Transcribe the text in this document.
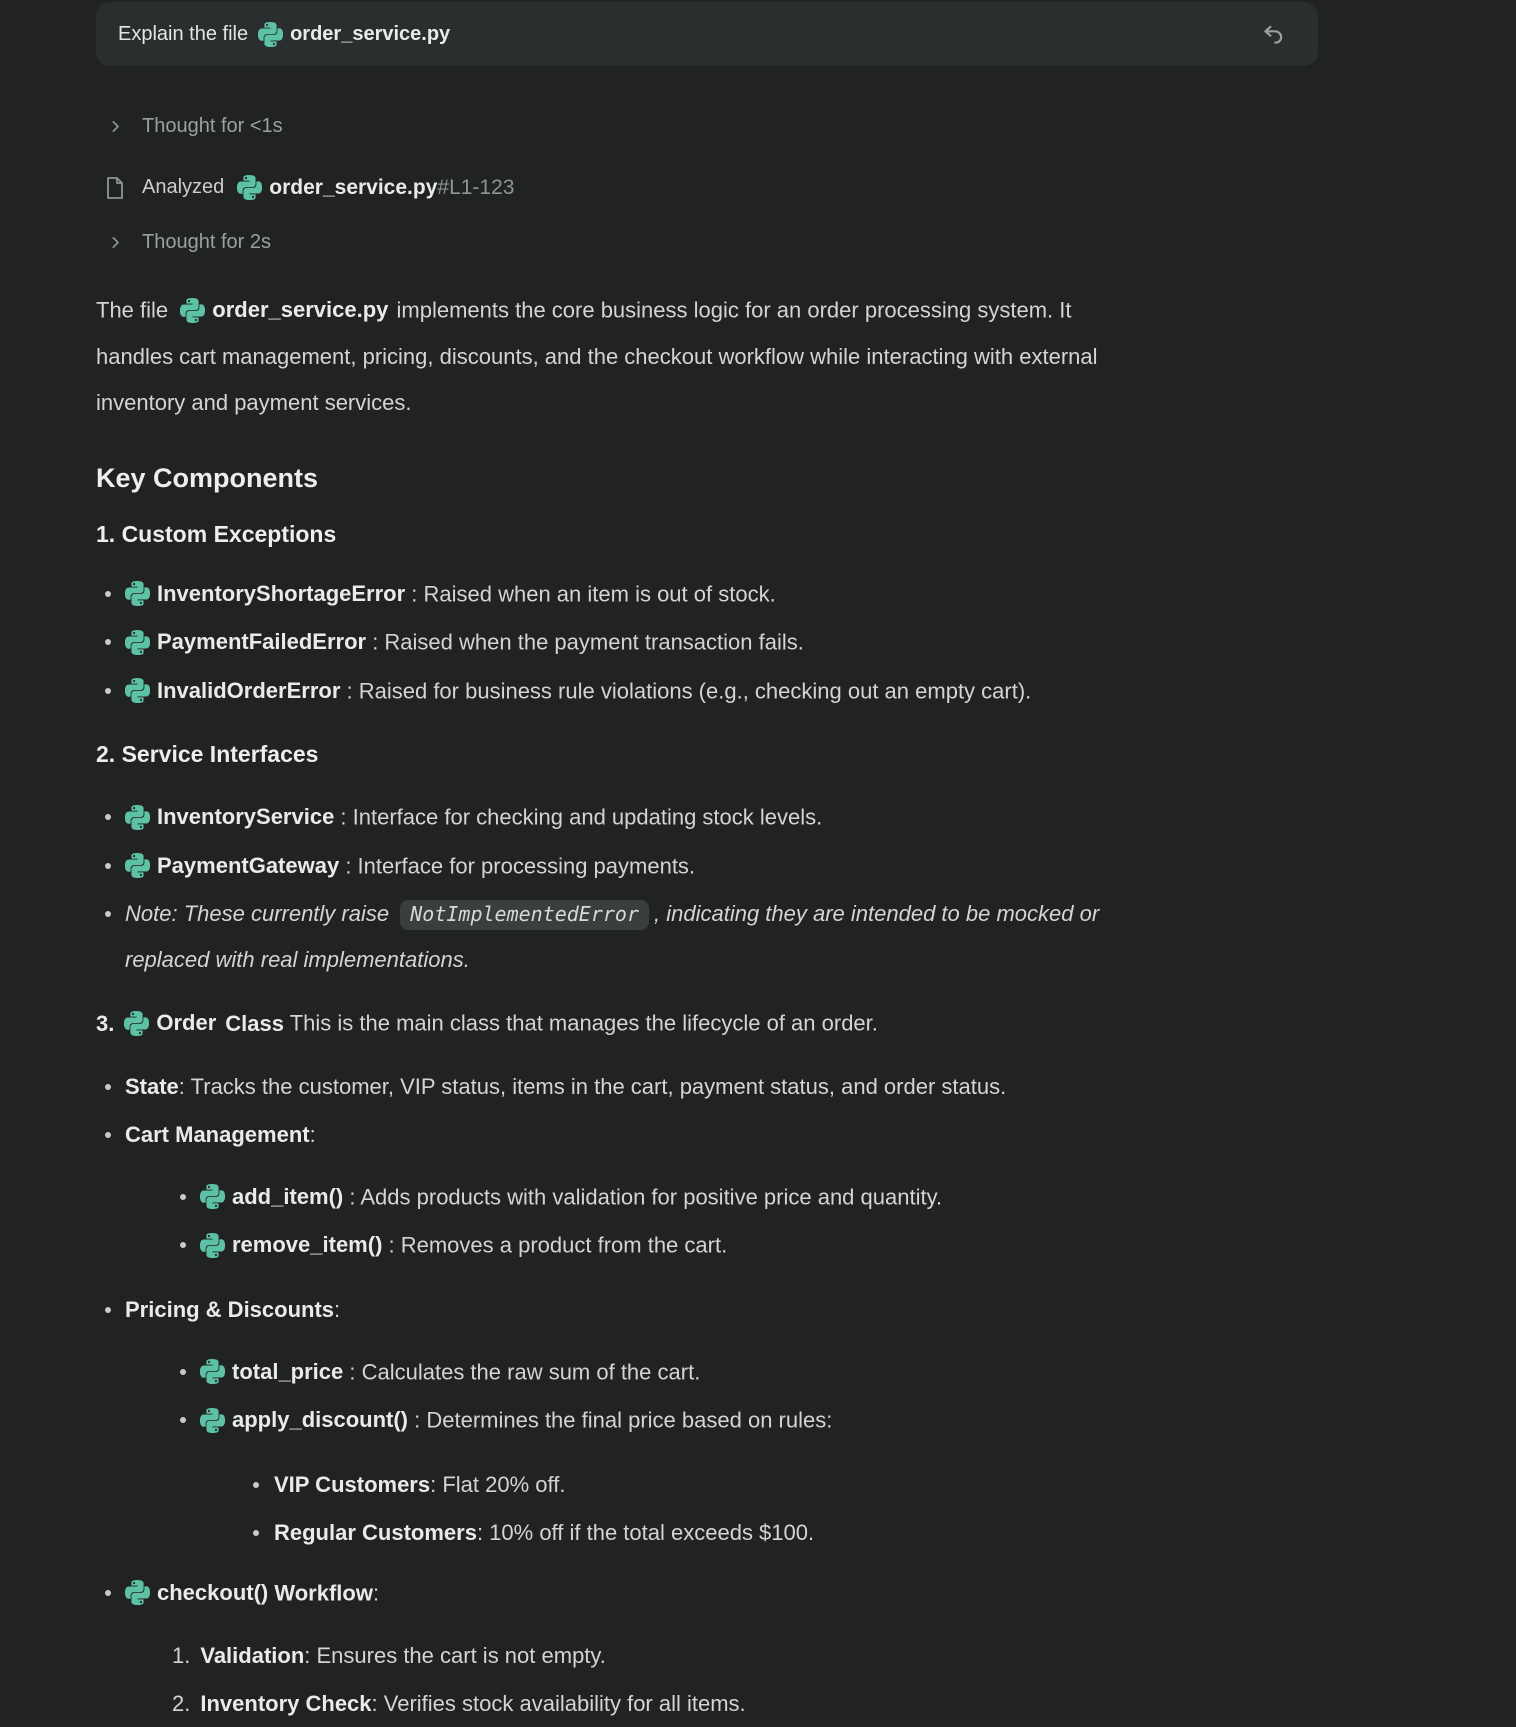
Explain the file order_service.py
Thought for <1s
Analyzed order_service.py #L1-123
Thought for 2s

The file order_service.py implements the core business logic for an order processing system. It handles cart management, pricing, discounts, and the checkout workflow while interacting with external inventory and payment services.

Key Components
1. Custom Exceptions
InventoryShortageError : Raised when an item is out of stock.
PaymentFailedError : Raised when the payment transaction fails.
InvalidOrderError : Raised for business rule violations (e.g., checking out an empty cart).
2. Service Interfaces
InventoryService : Interface for checking and updating stock levels.
PaymentGateway : Interface for processing payments.
Note: These currently raise NotImplementedError , indicating they are intended to be mocked or replaced with real implementations.

3. Order Class This is the main class that manages the lifecycle of an order.

State: Tracks the customer, VIP status, items in the cart, payment status, and order status.
Cart Management:
add_item() : Adds products with validation for positive price and quantity.
remove_item() : Removes a product from the cart.
Pricing & Discounts:
total_price : Calculates the raw sum of the cart.
apply_discount() : Determines the final price based on rules:
VIP Customers: Flat 20% off.
Regular Customers: 10% off if the total exceeds $100.
checkout() Workflow:
1. Validation: Ensures the cart is not empty.
2. Inventory Check: Verifies stock availability for all items.
